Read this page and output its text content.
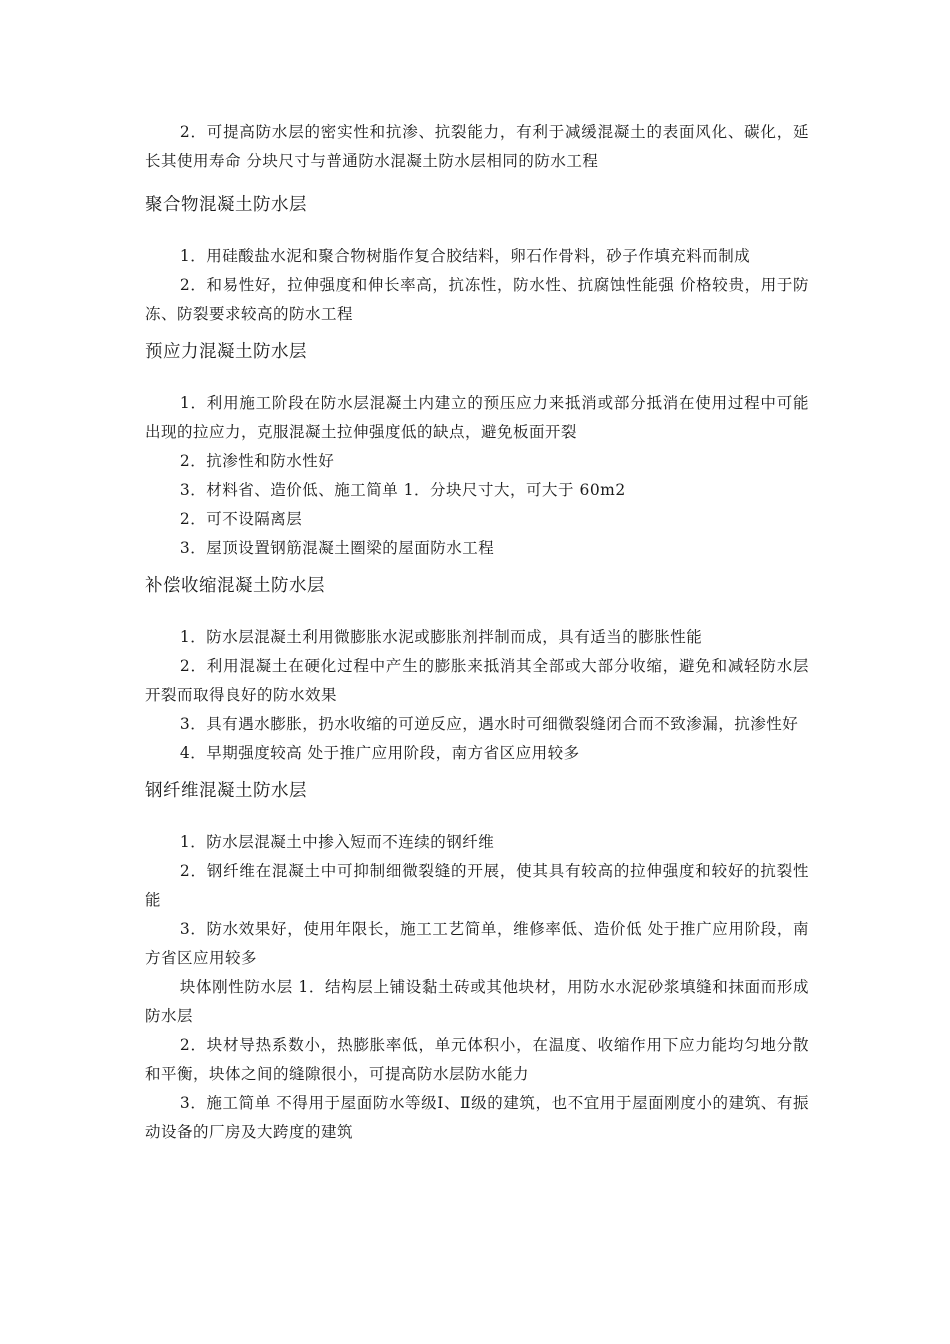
2．可提高防水层的密实性和抗渗、抗裂能力，有利于减缓混凝土的表面风化、碳化，延长其使用寿命 分块尺寸与普通防水混凝土防水层相同的防水工程

聚合物混凝土防水层

1．用硅酸盐水泥和聚合物树脂作复合胶结料，卵石作骨料，砂子作填充料而制成

2．和易性好，拉伸强度和伸长率高，抗冻性，防水性、抗腐蚀性能强 价格较贵，用于防冻、防裂要求较高的防水工程

预应力混凝土防水层

1．利用施工阶段在防水层混凝土内建立的预压应力来抵消或部分抵消在使用过程中可能出现的拉应力，克服混凝土拉伸强度低的缺点，避免板面开裂

2．抗渗性和防水性好

3．材料省、造价低、施工简单 1．分块尺寸大，可大于 60m2

2．可不设隔离层

3．屋顶设置钢筋混凝土圈梁的屋面防水工程

补偿收缩混凝土防水层

1．防水层混凝土利用微膨胀水泥或膨胀剂拌制而成，具有适当的膨胀性能

2．利用混凝土在硬化过程中产生的膨胀来抵消其全部或大部分收缩，避免和减轻防水层开裂而取得良好的防水效果

3．具有遇水膨胀，扔水收缩的可逆反应，遇水时可细微裂缝闭合而不致渗漏，抗渗性好

4．早期强度较高 处于推广应用阶段，南方省区应用较多

钢纤维混凝土防水层

1．防水层混凝土中掺入短而不连续的钢纤维

2．钢纤维在混凝土中可抑制细微裂缝的开展，使其具有较高的拉伸强度和较好的抗裂性能

3．防水效果好，使用年限长，施工工艺简单，维修率低、造价低 处于推广应用阶段，南方省区应用较多

块体刚性防水层 1．结构层上铺设黏土砖或其他块材，用防水水泥砂浆填缝和抹面而形成防水层

2．块材导热系数小，热膨胀率低，单元体积小，在温度、收缩作用下应力能均匀地分散和平衡，块体之间的缝隙很小，可提高防水层防水能力

3．施工简单 不得用于屋面防水等级Ⅰ、Ⅱ级的建筑，也不宜用于屋面刚度小的建筑、有振动设备的厂房及大跨度的建筑
